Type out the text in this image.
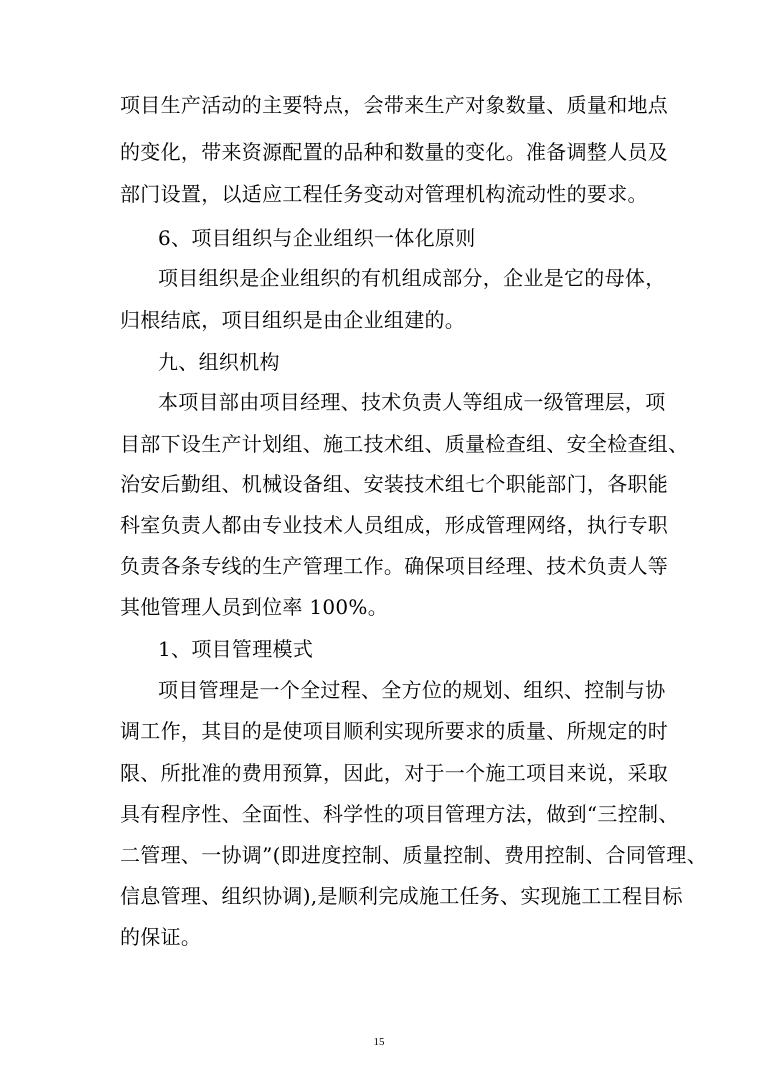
项目生产活动的主要特点，会带来生产对象数量、质量和地点
的变化，带来资源配置的品种和数量的变化。准备调整人员及
部门设置，以适应工程任务变动对管理机构流动性的要求。
6、项目组织与企业组织一体化原则
项目组织是企业组织的有机组成部分，企业是它的母体，
归根结底，项目组织是由企业组建的。
九、组织机构
本项目部由项目经理、技术负责人等组成一级管理层，项
目部下设生产计划组、施工技术组、质量检查组、安全检查组、
治安后勤组、机械设备组、安装技术组七个职能部门，各职能
科室负责人都由专业技术人员组成，形成管理网络，执行专职
负责各条专线的生产管理工作。确保项目经理、技术负责人等
其他管理人员到位率 100%。
1、项目管理模式
项目管理是一个全过程、全方位的规划、组织、控制与协
调工作，其目的是使项目顺利实现所要求的质量、所规定的时
限、所批准的费用预算，因此，对于一个施工项目来说，采取
具有程序性、全面性、科学性的项目管理方法，做到“三控制、
二管理、一协调”(即进度控制、质量控制、费用控制、合同管理、
信息管理、组织协调),是顺利完成施工任务、实现施工工程目标
的保证。
15
